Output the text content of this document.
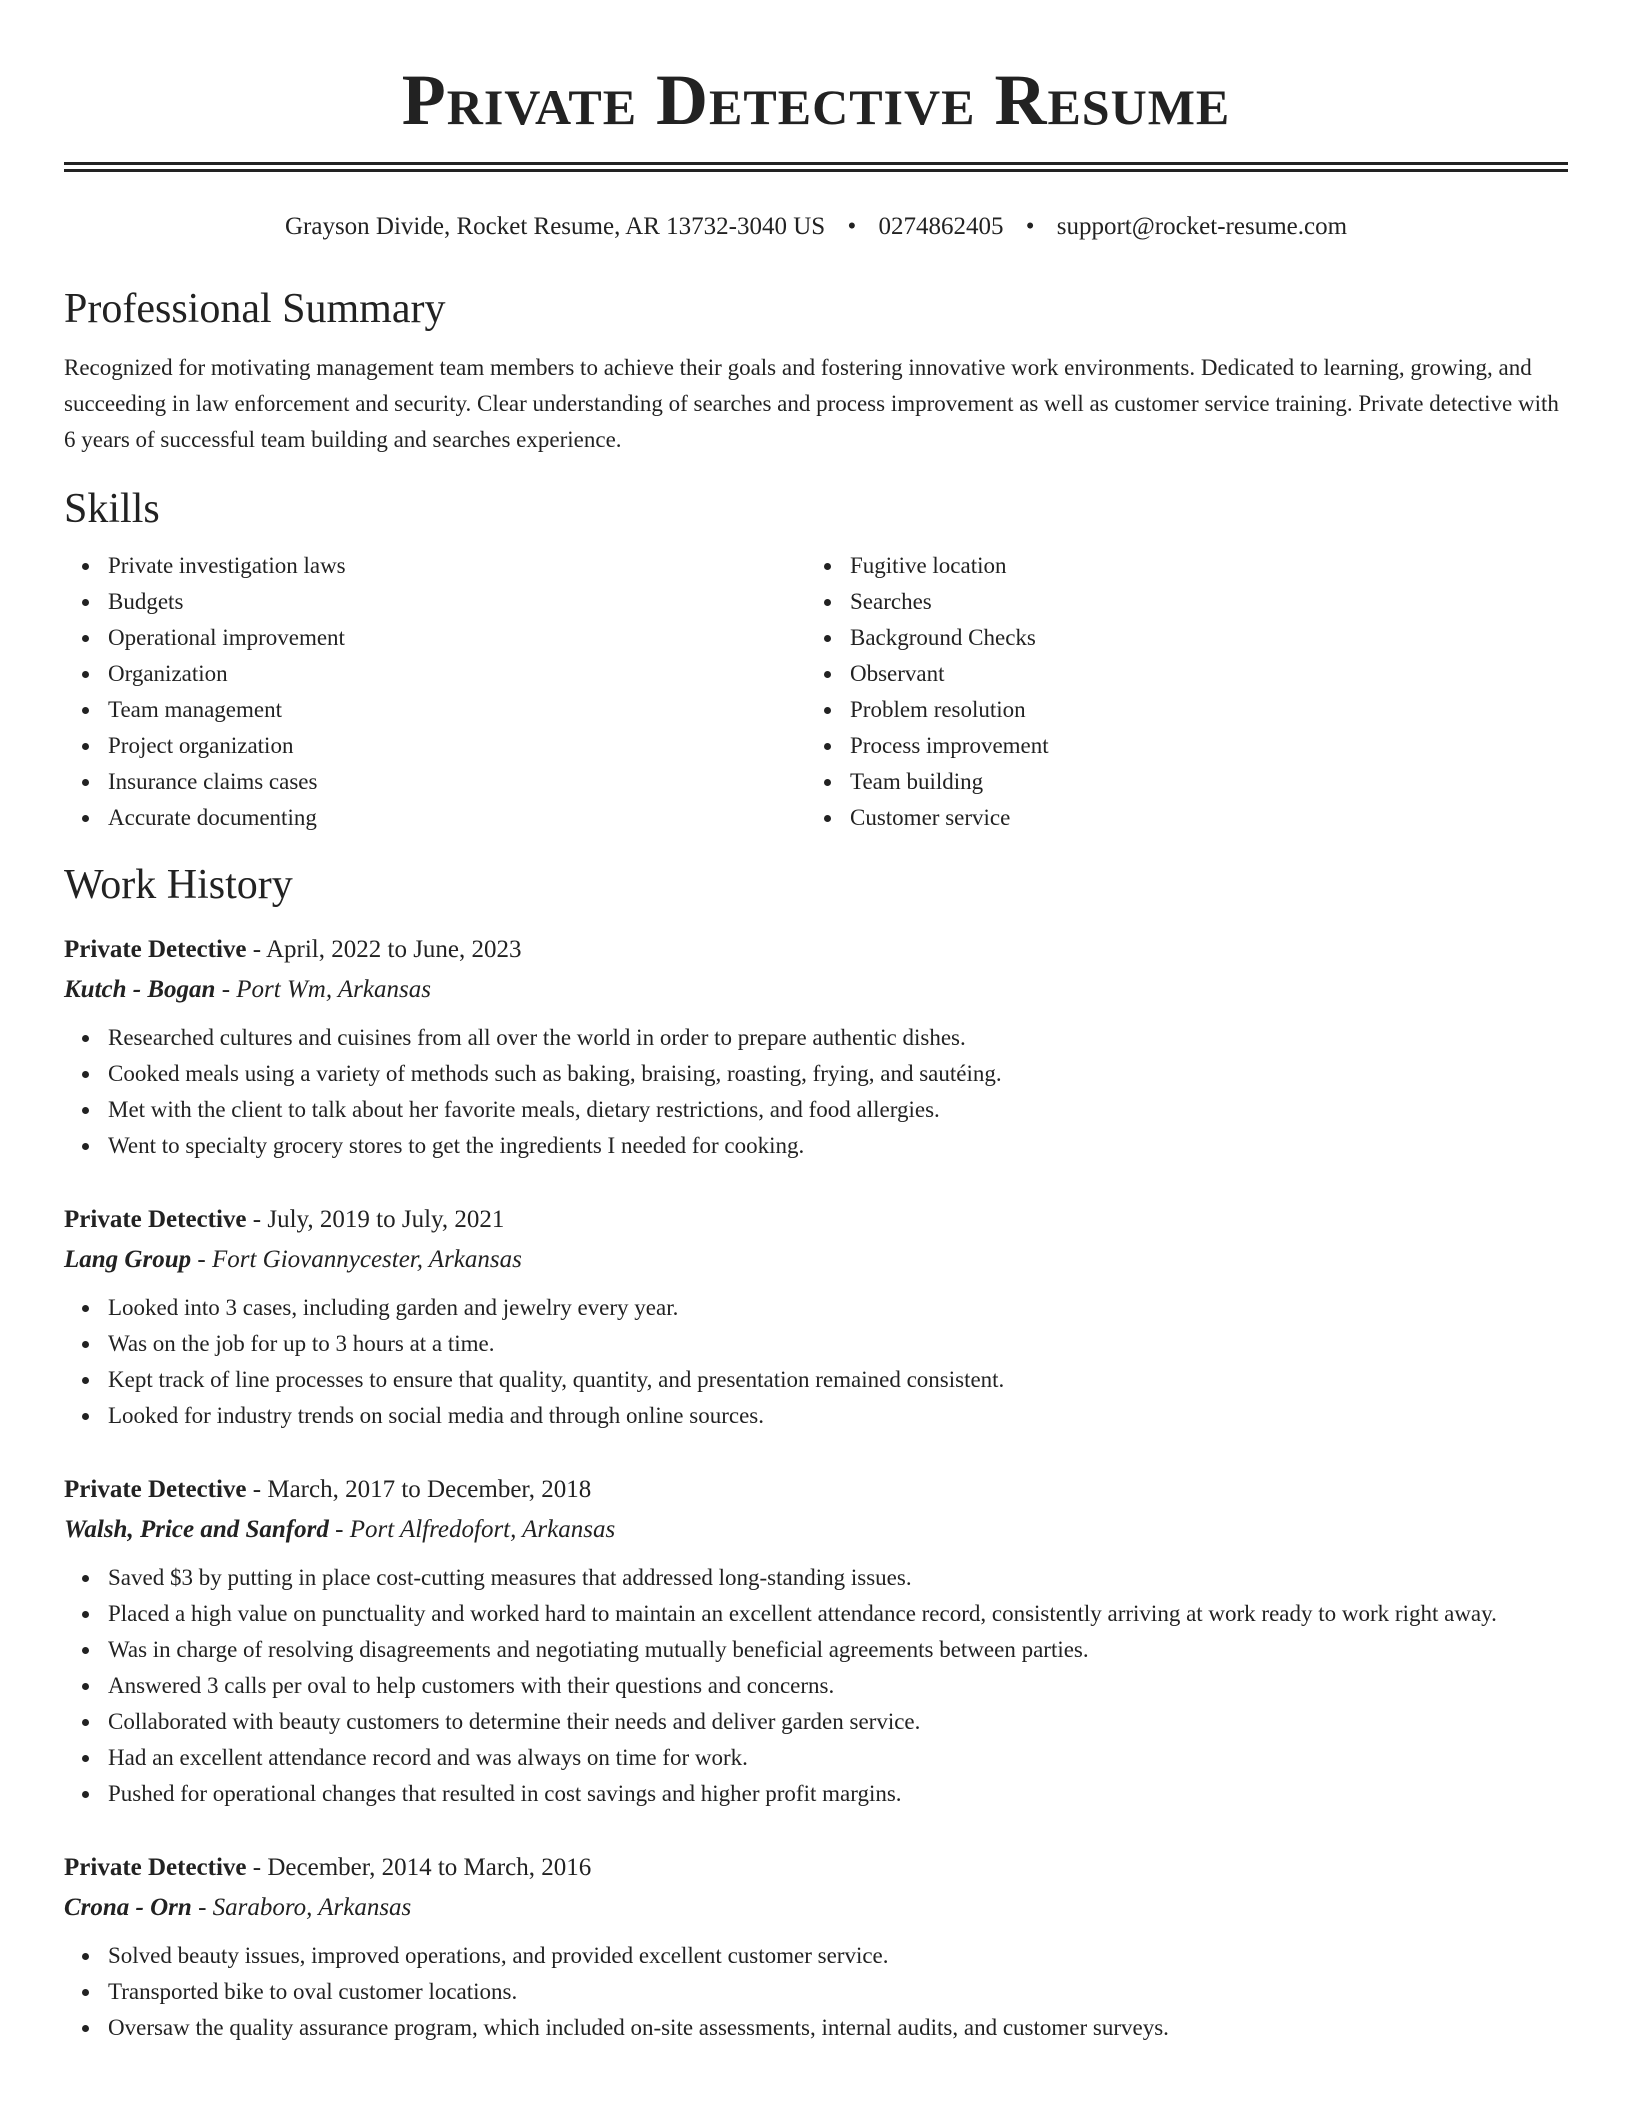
Private Detective Resume
Grayson Divide, Rocket Resume, AR 13732-3040 US • 0274862405 • support@rocket-resume.com
Professional Summary

Recognized for motivating management team members to achieve their goals and fostering innovative work environments. Dedicated to learning, growing, and succeeding in law enforcement and security. Clear understanding of searches and process improvement as well as customer service training. Private detective with 6 years of successful team building and searches experience.

Skills
Private investigation laws
Budgets
Operational improvement
Organization
Team management
Project organization
Insurance claims cases
Accurate documenting
Fugitive location
Searches
Background Checks
Observant
Problem resolution
Process improvement
Team building
Customer service
Work History
Private Detective - April, 2022 to June, 2023
Kutch - Bogan - Port Wm, Arkansas
Researched cultures and cuisines from all over the world in order to prepare authentic dishes.
Cooked meals using a variety of methods such as baking, braising, roasting, frying, and sautéing.
Met with the client to talk about her favorite meals, dietary restrictions, and food allergies.
Went to specialty grocery stores to get the ingredients I needed for cooking.
Private Detective - July, 2019 to July, 2021
Lang Group - Fort Giovannycester, Arkansas
Looked into 3 cases, including garden and jewelry every year.
Was on the job for up to 3 hours at a time.
Kept track of line processes to ensure that quality, quantity, and presentation remained consistent.
Looked for industry trends on social media and through online sources.
Private Detective - March, 2017 to December, 2018
Walsh, Price and Sanford - Port Alfredofort, Arkansas
Saved $3 by putting in place cost-cutting measures that addressed long-standing issues.
Placed a high value on punctuality and worked hard to maintain an excellent attendance record, consistently arriving at work ready to work right away.
Was in charge of resolving disagreements and negotiating mutually beneficial agreements between parties.
Answered 3 calls per oval to help customers with their questions and concerns.
Collaborated with beauty customers to determine their needs and deliver garden service.
Had an excellent attendance record and was always on time for work.
Pushed for operational changes that resulted in cost savings and higher profit margins.
Private Detective - December, 2014 to March, 2016
Crona - Orn - Saraboro, Arkansas
Solved beauty issues, improved operations, and provided excellent customer service.
Transported bike to oval customer locations.
Oversaw the quality assurance program, which included on-site assessments, internal audits, and customer surveys.
